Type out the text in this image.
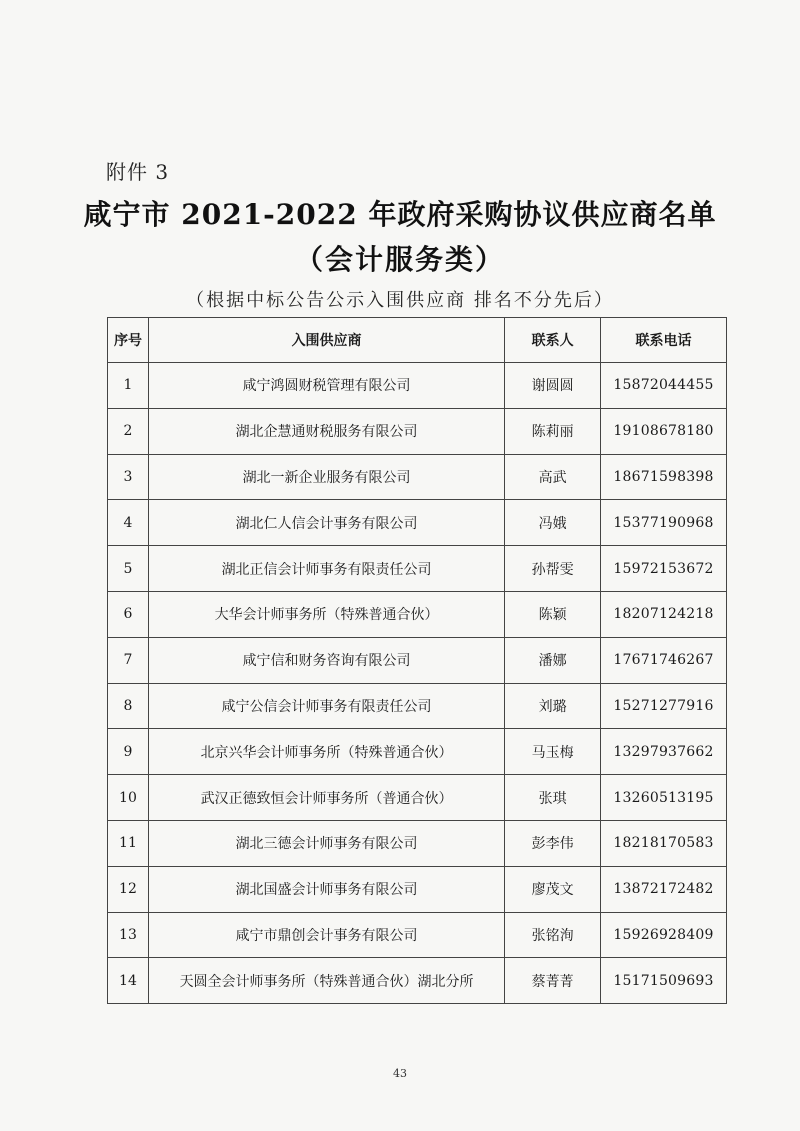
附件 3
咸宁市 2021-2022 年政府采购协议供应商名单
（会计服务类）
（根据中标公告公示入围供应商 排名不分先后）
序号	入围供应商	联系人	联系电话
1	咸宁鸿圆财税管理有限公司	谢圆圆	15872044455
2	湖北企慧通财税服务有限公司	陈莉丽	19108678180
3	湖北一新企业服务有限公司	高武	18671598398
4	湖北仁人信会计事务有限公司	冯娥	15377190968
5	湖北正信会计师事务有限责任公司	孙帮雯	15972153672
6	大华会计师事务所（特殊普通合伙）	陈颖	18207124218
7	咸宁信和财务咨询有限公司	潘娜	17671746267
8	咸宁公信会计师事务有限责任公司	刘璐	15271277916
9	北京兴华会计师事务所（特殊普通合伙）	马玉梅	13297937662
10	武汉正德致恒会计师事务所（普通合伙）	张琪	13260513195
11	湖北三德会计师事务有限公司	彭李伟	18218170583
12	湖北国盛会计师事务有限公司	廖茂文	13872172482
13	咸宁市鼎创会计事务有限公司	张铭洵	15926928409
14	天圆全会计师事务所（特殊普通合伙）湖北分所	蔡菁菁	15171509693
43
